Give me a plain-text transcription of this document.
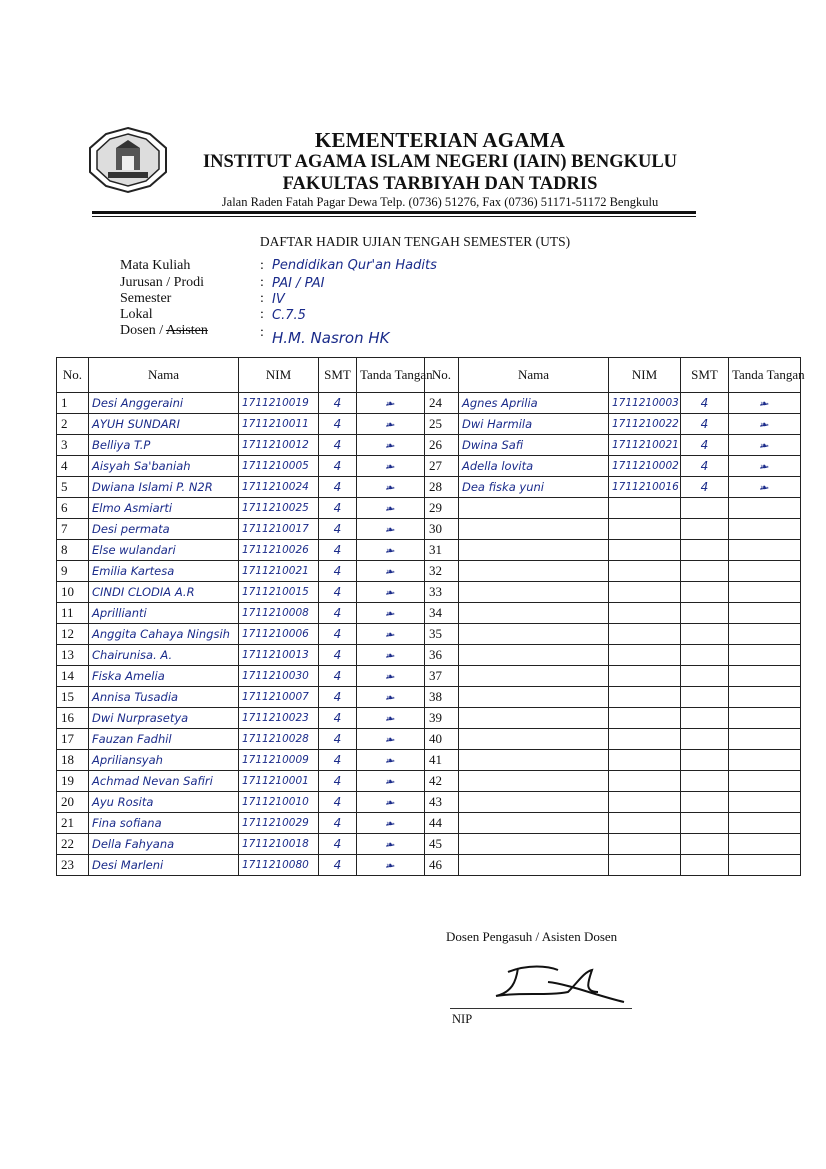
KEMENTERIAN AGAMA
INSTITUT AGAMA ISLAM NEGERI (IAIN) BENGKULU
FAKULTAS TARBIYAH DAN TADRIS
Jalan Raden Fatah Pagar Dewa Telp. (0736) 51276, Fax (0736) 51171-51172 Bengkulu
DAFTAR HADIR UJIAN TENGAH SEMESTER (UTS)
Mata Kuliah	: Pendidikan Qur'an Hadits
Jurusan / Prodi	: PAI / PAI
Semester	: IV
Lokal	: C.7.5
Dosen / Asisten	: H.M. Nasron HK
No.	Nama	NIM	SMT	Tanda Tangan	No.	Nama	NIM	SMT	Tanda Tangan
1	Desi Anggeraini	1711210019	4	❧	24	Agnes Aprilia	1711210003	4	❧
2	AYUH SUNDARI	1711210011	4	❧	25	Dwi Harmila	1711210022	4	❧
3	Belliya T.P	1711210012	4	❧	26	Dwina Safi	1711210021	4	❧
4	Aisyah Sa'baniah	1711210005	4	❧	27	Adella lovita	1711210002	4	❧
5	Dwiana Islami P. N2R	1711210024	4	❧	28	Dea fiska yuni	1711210016	4	❧
6	Elmo Asmiarti	1711210025	4	❧	29				
7	Desi permata	1711210017	4	❧	30				
8	Else wulandari	1711210026	4	❧	31				
9	Emilia Kartesa	1711210021	4	❧	32				
10	CINDI CLODIA A.R	1711210015	4	❧	33				
11	Aprillianti	1711210008	4	❧	34				
12	Anggita Cahaya Ningsih	1711210006	4	❧	35				
13	Chairunisa. A.	1711210013	4	❧	36				
14	Fiska Amelia	1711210030	4	❧	37				
15	Annisa Tusadia	1711210007	4	❧	38				
16	Dwi Nurprasetya	1711210023	4	❧	39				
17	Fauzan Fadhil	1711210028	4	❧	40				
18	Apriliansyah	1711210009	4	❧	41				
19	Achmad Nevan Safiri	1711210001	4	❧	42				
20	Ayu Rosita	1711210010	4	❧	43				
21	Fina sofiana	1711210029	4	❧	44				
22	Della Fahyana	1711210018	4	❧	45				
23	Desi Marleni	1711210080	4	❧	46				
Dosen Pengasuh / Asisten Dosen
NIP
